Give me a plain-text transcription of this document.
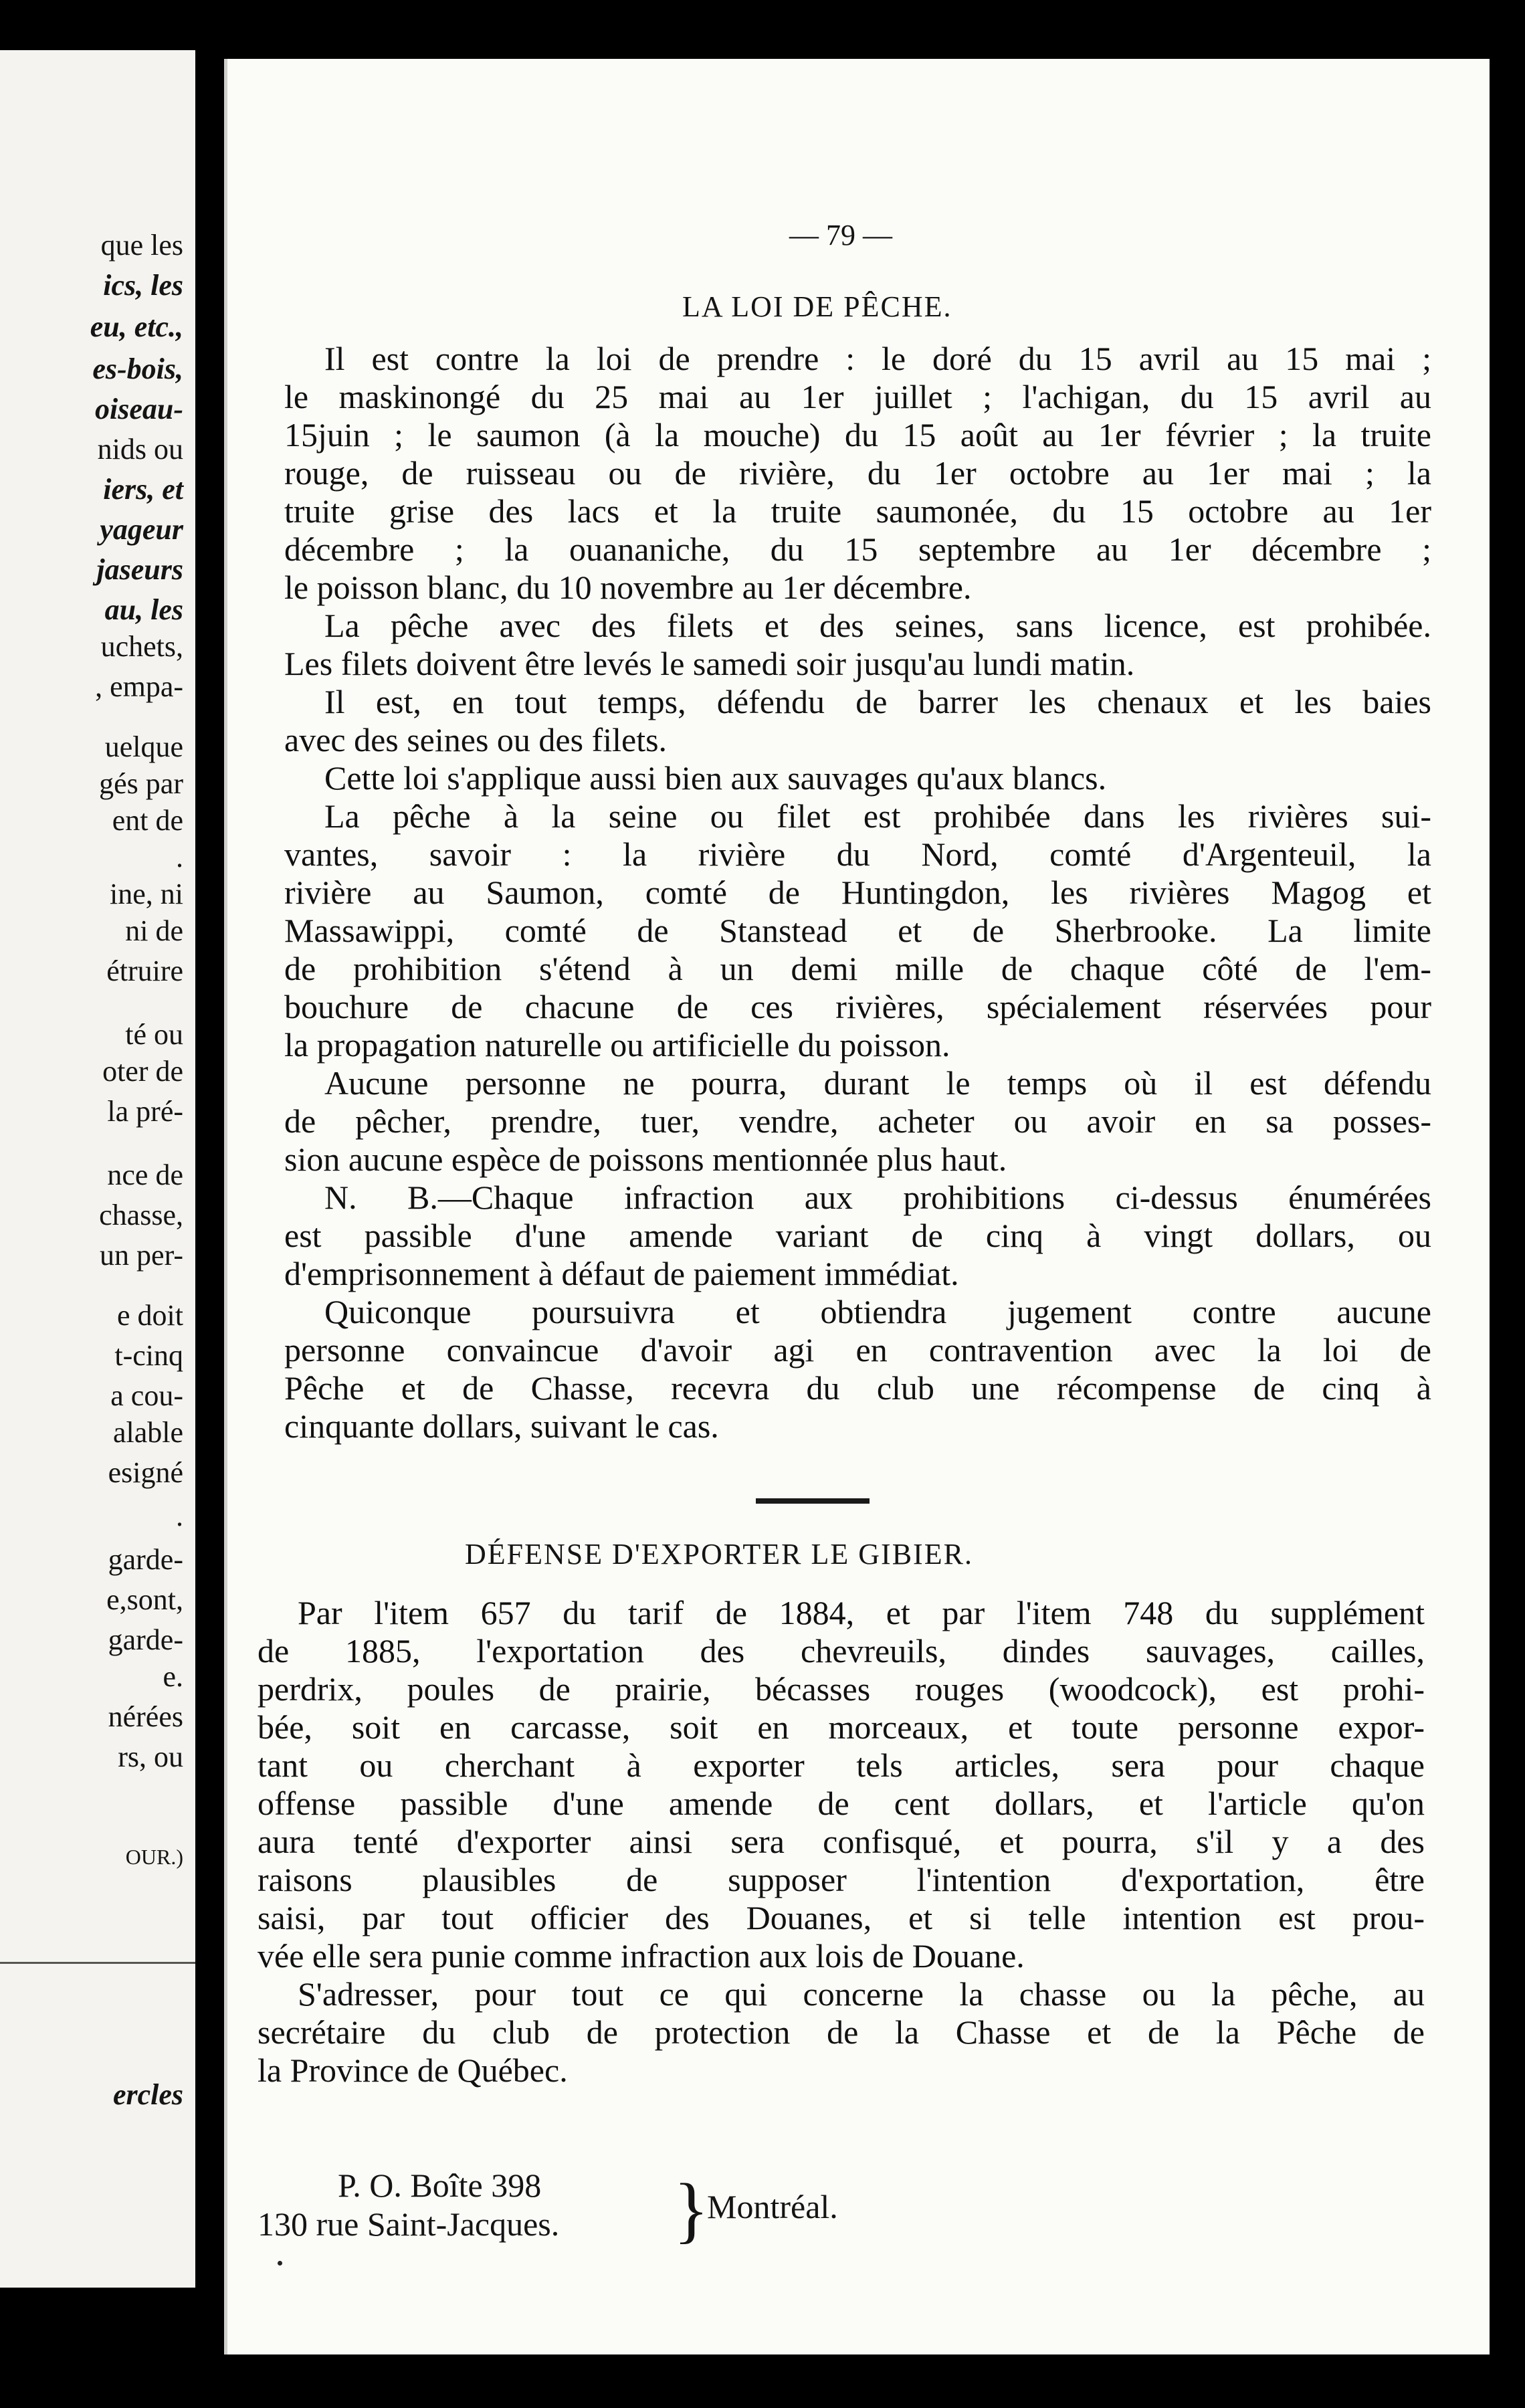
que les
ics, les
eu, etc.,
es-bois,
oiseau-
nids ou
iers, et
yageur
jaseurs
au, les
uchets,
, empa-
uelque
gés par
ent de
.
ine, ni
ni de
étruire
té ou
oter de
la pré-
nce de
chasse,
un per-
e doit
t-cinq
a cou-
alable
esigné
.
garde-
e,sont,
garde-
e.
nérées
rs, ou
OUR.)
ercles
— 79 —
LA LOI DE PÊCHE.
Il est contre la loi de prendre : le doré du 15 avril au 15 mai ;
le maskinongé du 25 mai au 1er juillet ; l'achigan, du 15 avril au
15juin ; le saumon (à la mouche) du 15 août au 1er février ; la truite
rouge, de ruisseau ou de rivière, du 1er octobre au 1er mai ; la
truite grise des lacs et la truite saumonée, du 15 octobre au 1er
décembre ; la ouananiche, du 15 septembre au 1er décembre ;
le poisson blanc, du 10 novembre au 1er décembre.
La pêche avec des filets et des seines, sans licence, est prohibée.
Les filets doivent être levés le samedi soir jusqu'au lundi matin.
Il est, en tout temps, défendu de barrer les chenaux et les baies
avec des seines ou des filets.
Cette loi s'applique aussi bien aux sauvages qu'aux blancs.
La pêche à la seine ou filet est prohibée dans les rivières sui-
vantes, savoir : la rivière du Nord, comté d'Argenteuil, la
rivière au Saumon, comté de Huntingdon, les rivières Magog et
Massawippi, comté de Stanstead et de Sherbrooke. La limite
de prohibition s'étend à un demi mille de chaque côté de l'em-
bouchure de chacune de ces rivières, spécialement réservées pour
la propagation naturelle ou artificielle du poisson.
Aucune personne ne pourra, durant le temps où il est défendu
de pêcher, prendre, tuer, vendre, acheter ou avoir en sa posses-
sion aucune espèce de poissons mentionnée plus haut.
N. B.—Chaque infraction aux prohibitions ci-dessus énumérées
est passible d'une amende variant de cinq à vingt dollars, ou
d'emprisonnement à défaut de paiement immédiat.
Quiconque poursuivra et obtiendra jugement contre aucune
personne convaincue d'avoir agi en contravention avec la loi de
Pêche et de Chasse, recevra du club une récompense de cinq à
cinquante dollars, suivant le cas.
DÉFENSE D'EXPORTER LE GIBIER.
Par l'item 657 du tarif de 1884, et par l'item 748 du supplément
de 1885, l'exportation des chevreuils, dindes sauvages, cailles,
perdrix, poules de prairie, bécasses rouges (woodcock), est prohi-
bée, soit en carcasse, soit en morceaux, et toute personne expor-
tant ou cherchant à exporter tels articles, sera pour chaque
offense passible d'une amende de cent dollars, et l'article qu'on
aura tenté d'exporter ainsi sera confisqué, et pourra, s'il y a des
raisons plausibles de supposer l'intention d'exportation, être
saisi, par tout officier des Douanes, et si telle intention est prou-
vée elle sera punie comme infraction aux lois de Douane.
S'adresser, pour tout ce qui concerne la chasse ou la pêche, au
secrétaire du club de protection de la Chasse et de la Pêche de
la Province de Québec.
P. O. Boîte 398
130 rue Saint-Jacques. }
Montréal.
